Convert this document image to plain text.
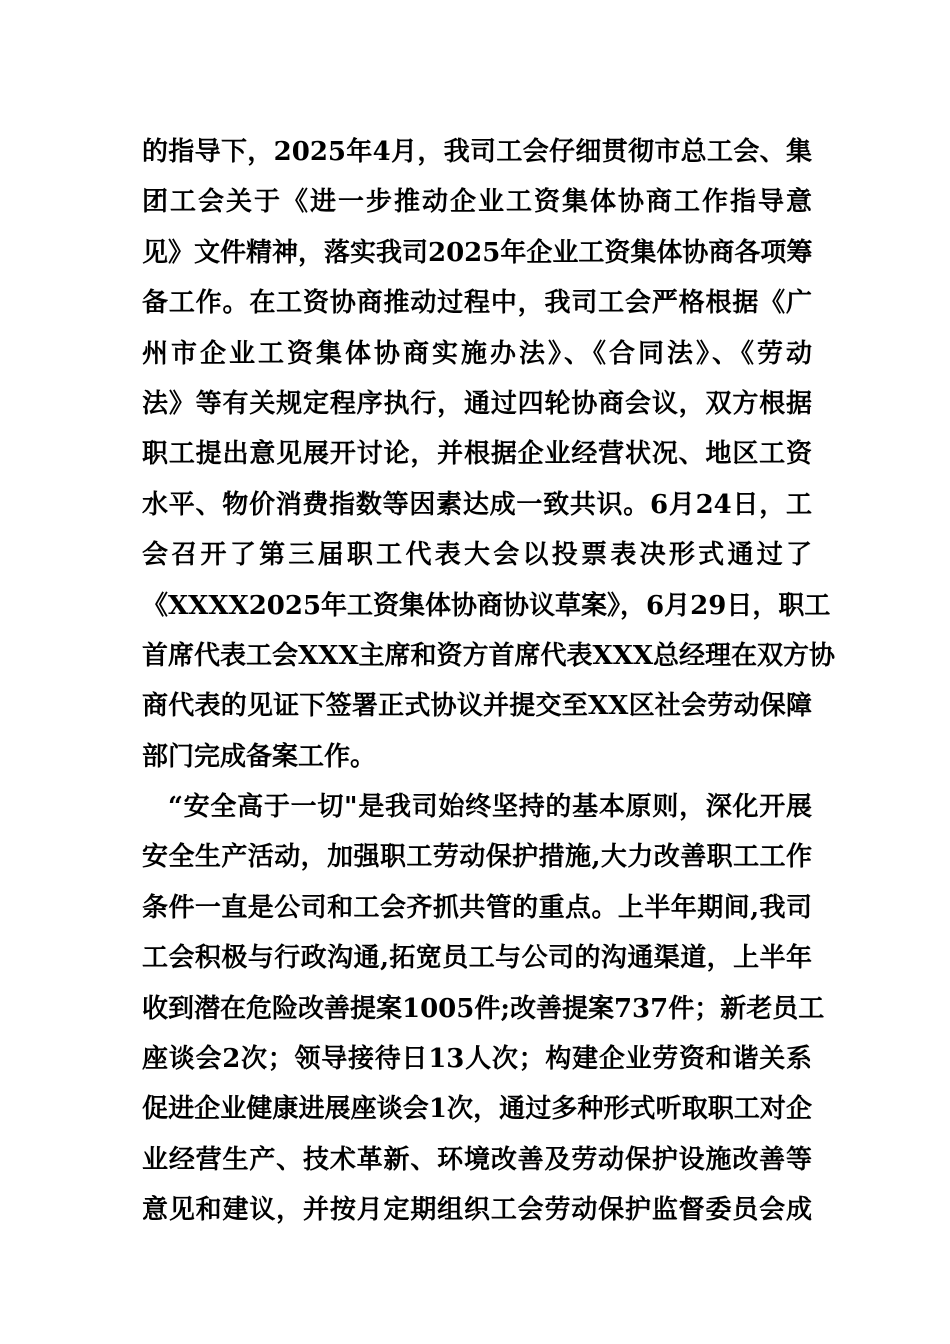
的指导下，2025年4月，我司工会仔细贯彻市总工会、集
团工会关于《进一步推动企业工资集体协商工作指导意
见》文件精神，落实我司2025年企业工资集体协商各项筹
备工作。在工资协商推动过程中，我司工会严格根据《广
州市企业工资集体协商实施办法》、《合同法》、《劳动
法》等有关规定程序执行，通过四轮协商会议，双方根据
职工提出意见展开讨论，并根据企业经营状况、地区工资
水平、物价消费指数等因素达成一致共识。6月24日，工
会召开了第三届职工代表大会以投票表决形式通过了
《XXXX2025年工资集体协商协议草案》，6月29日，职工
首席代表工会XXX主席和资方首席代表XXX总经理在双方协
商代表的见证下签署正式协议并提交至XX区社会劳动保障
部门完成备案工作。
“安全高于一切"是我司始终坚持的基本原则，深化开展
安全生产活动，加强职工劳动保护措施,大力改善职工工作
条件一直是公司和工会齐抓共管的重点。上半年期间,我司
工会积极与行政沟通,拓宽员工与公司的沟通渠道，上半年
收到潜在危险改善提案1005件;改善提案737件；新老员工
座谈会2次；领导接待日13人次；构建企业劳资和谐关系
促进企业健康进展座谈会1次，通过多种形式听取职工对企
业经营生产、技术革新、环境改善及劳动保护设施改善等
意见和建议，并按月定期组织工会劳动保护监督委员会成
